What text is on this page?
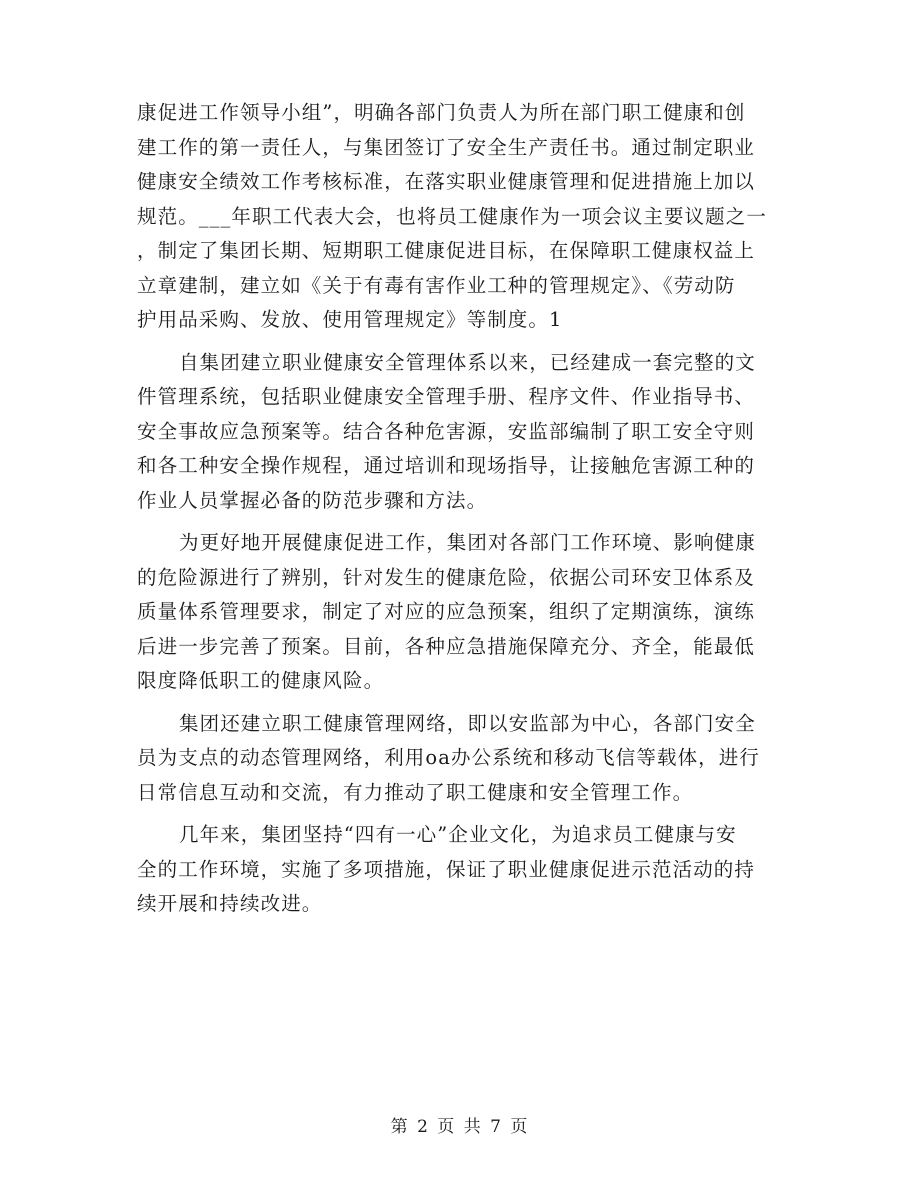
康促进工作领导小组”，明确各部门负责人为所在部门职工健康和创
建工作的第一责任人，与集团签订了安全生产责任书。通过制定职业
健康安全绩效工作考核标准，在落实职业健康管理和促进措施上加以
规范。___年职工代表大会，也将员工健康作为一项会议主要议题之一
，制定了集团长期、短期职工健康促进目标，在保障职工健康权益上
立章建制，建立如《关于有毒有害作业工种的管理规定》、《劳动防
护用品采购、发放、使用管理规定》等制度。1
自集团建立职业健康安全管理体系以来，已经建成一套完整的文
件管理系统，包括职业健康安全管理手册、程序文件、作业指导书、
安全事故应急预案等。结合各种危害源，安监部编制了职工安全守则
和各工种安全操作规程，通过培训和现场指导，让接触危害源工种的
作业人员掌握必备的防范步骤和方法。
为更好地开展健康促进工作，集团对各部门工作环境、影响健康
的危险源进行了辨别，针对发生的健康危险，依据公司环安卫体系及
质量体系管理要求，制定了对应的应急预案，组织了定期演练，演练
后进一步完善了预案。目前，各种应急措施保障充分、齐全，能最低
限度降低职工的健康风险。
集团还建立职工健康管理网络，即以安监部为中心，各部门安全
员为支点的动态管理网络，利用oa办公系统和移动飞信等载体，进行
日常信息互动和交流，有力推动了职工健康和安全管理工作。
几年来，集团坚持“四有一心”企业文化，为追求员工健康与安
全的工作环境，实施了多项措施，保证了职业健康促进示范活动的持
续开展和持续改进。
第 2 页 共 7 页
